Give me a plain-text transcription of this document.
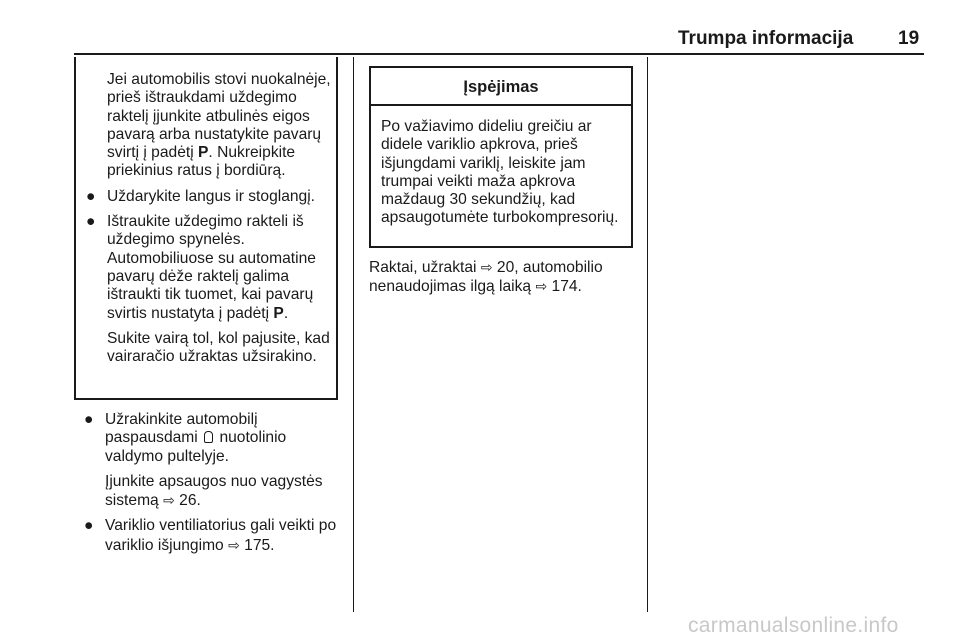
Trumpa informacija 19

Jei automobilis stovi nuokalnėje, prieš ištraukdami uždegimo raktelį įjunkite atbulinės eigos pavarą arba nustatykite pavarų svirtį į padėtį P. Nukreipkite priekinius ratus į bordiūrą.

● Uždarykite langus ir stoglangį.

● Ištraukite uždegimo rakteli iš uždegimo spynelės. Automobiliuose su automatine pavarų dėže raktelį galima ištraukti tik tuomet, kai pavarų svirtis nustatyta į padėtį P.

Sukite vairą tol, kol pajusite, kad vairaračio užraktas užsirakino.

● Užrakinkite automobilį paspausdami nuotolinio valdymo pultelyje.

Įjunkite apsaugos nuo vagystės sistemą ⇨ 26.

● Variklio ventiliatorius gali veikti po variklio išjungimo ⇨ 175.

Įspėjimas
Po važiavimo dideliu greičiu ar didele variklio apkrova, prieš išjungdami variklį, leiskite jam trumpai veikti maža apkrova maždaug 30 sekundžių, kad apsaugotumėte turbokompresorių.
Raktai, užraktai ⇨ 20, automobilio nenaudojimas ilgą laiką ⇨ 174.
carmanualsonline.info
